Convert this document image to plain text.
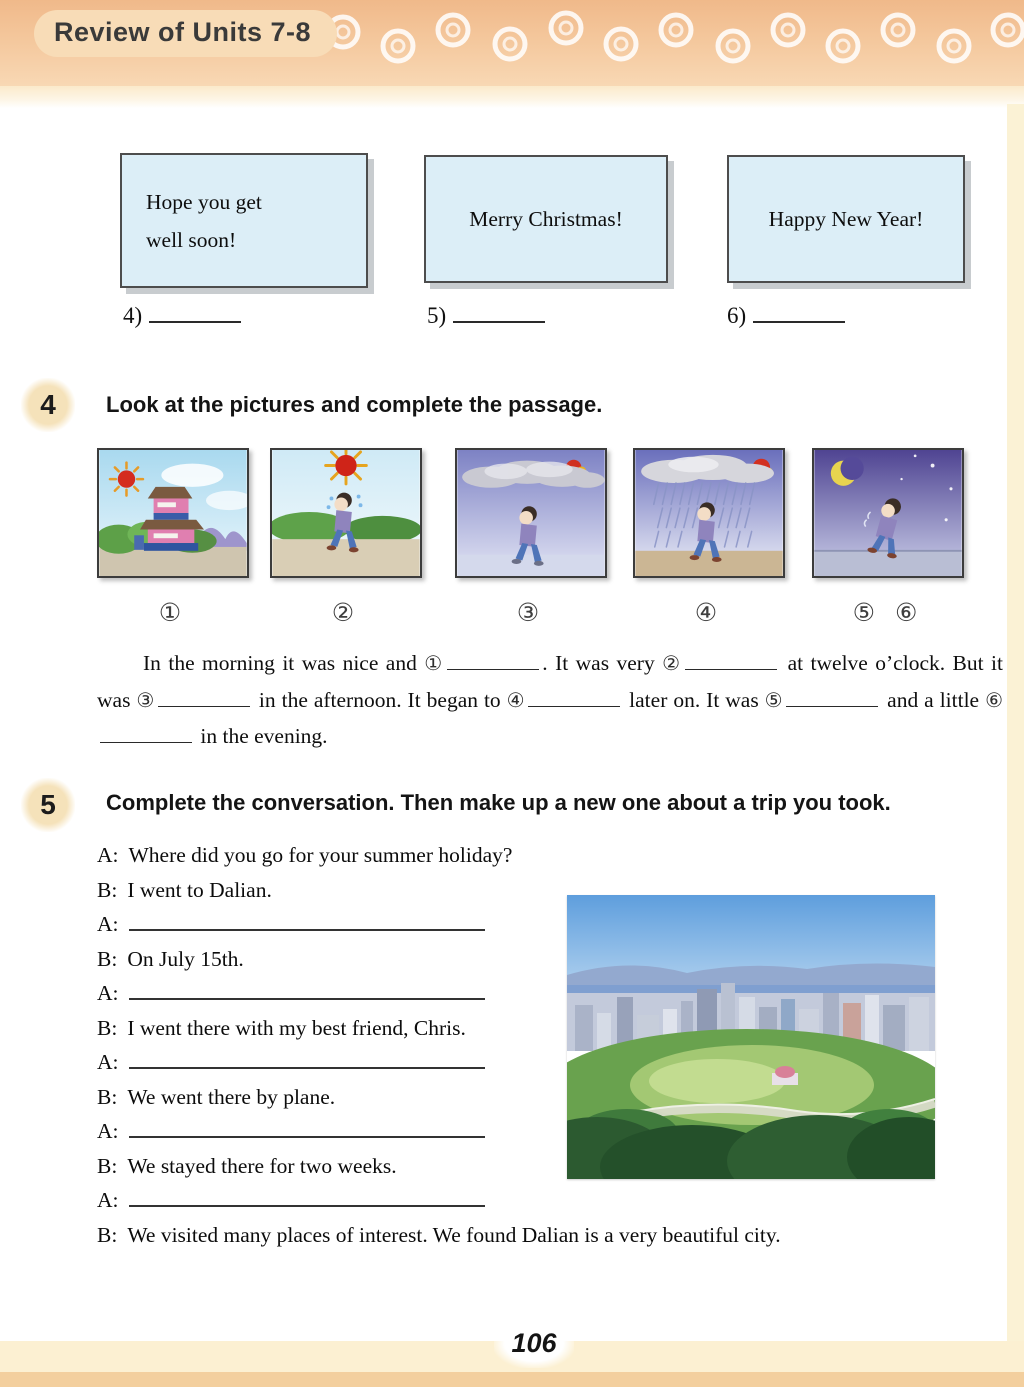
Review of Units 7-8
Hope you get well soon!
Merry Christmas!	Happy New Year!
4)	5)	6)
4 Look at the pictures and complete the passage.
①	②	③	④	⑤ ⑥
In the morning it was nice and ①	. It was very ②	at twelve o’clock. But it was ③	in the afternoon. It began to ④	later on. It was ⑤	and a little ⑥ in the evening.
5 Complete the conversation. Then make up a new one about a trip you took.
A: Where did you go for your summer holiday?
B: I went to Dalian.
A:
B: On July 15th.
A:
B: I went there with my best friend, Chris.
A:
B: We went there by plane.
A:
B: We stayed there for two weeks.
A:
B: We visited many places of interest. We found Dalian is a very beautiful city.
106
